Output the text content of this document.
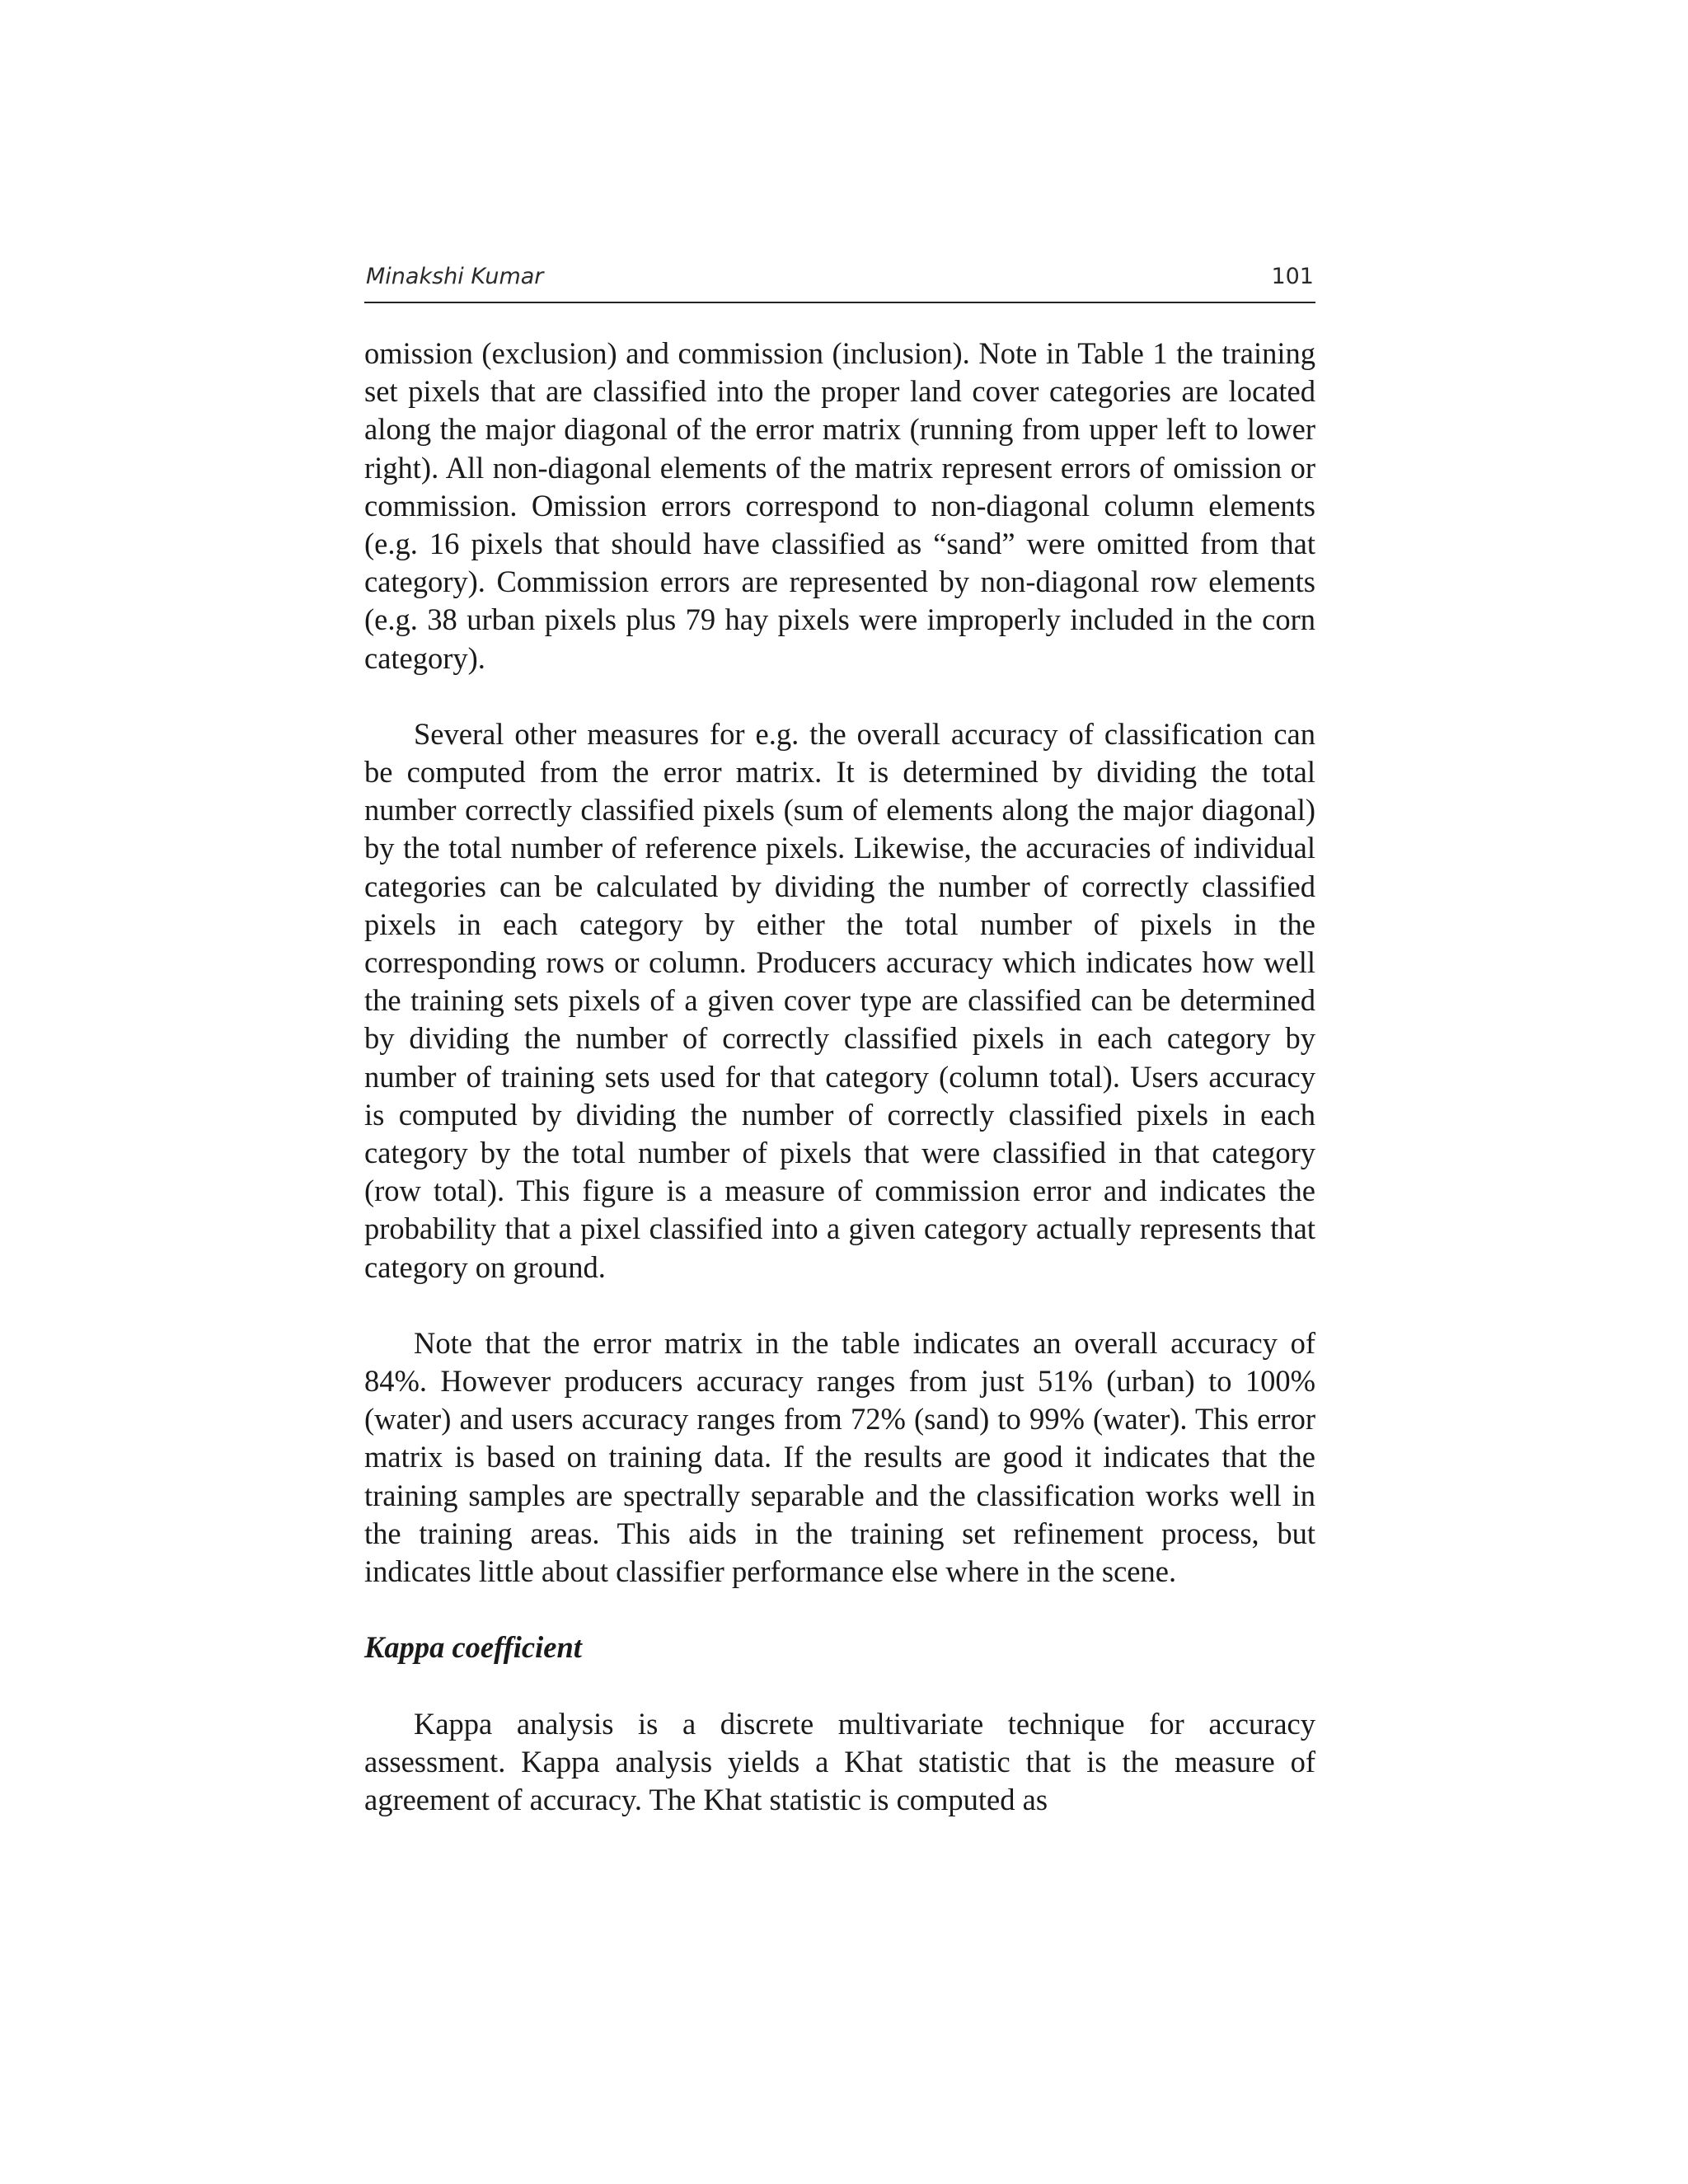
Minakshi Kumar	101

omission (exclusion) and commission (inclusion). Note in Table 1 the training set pixels that are classified into the proper land cover categories are located along the major diagonal of the error matrix (running from upper left to lower right). All non-diagonal elements of the matrix represent errors of omission or commission. Omission errors correspond to non-diagonal column elements (e.g. 16 pixels that should have classified as “sand” were omitted from that category). Commission errors are represented by non-diagonal row elements (e.g. 38 urban pixels plus 79 hay pixels were improperly included in the corn category).

Several other measures for e.g. the overall accuracy of classification can be computed from the error matrix. It is determined by dividing the total number correctly classified pixels (sum of elements along the major diagonal) by the total number of reference pixels. Likewise, the accuracies of individual categories can be calculated by dividing the number of correctly classified pixels in each category by either the total number of pixels in the corresponding rows or column. Producers accuracy which indicates how well the training sets pixels of a given cover type are classified can be determined by dividing the number of correctly classified pixels in each category by number of training sets used for that category (column total). Users accuracy is computed by dividing the number of correctly classified pixels in each category by the total number of pixels that were classified in that category (row total). This figure is a measure of commission error and indicates the probability that a pixel classified into a given category actually represents that category on ground.

Note that the error matrix in the table indicates an overall accuracy of 84%. However producers accuracy ranges from just 51% (urban) to 100% (water) and users accuracy ranges from 72% (sand) to 99% (water). This error matrix is based on training data. If the results are good it indicates that the training samples are spectrally separable and the classification works well in the training areas. This aids in the training set refinement process, but indicates little about classifier performance else where in the scene.

Kappa coefficient

Kappa analysis is a discrete multivariate technique for accuracy assessment. Kappa analysis yields a Khat statistic that is the measure of agreement of accuracy. The Khat statistic is computed as
